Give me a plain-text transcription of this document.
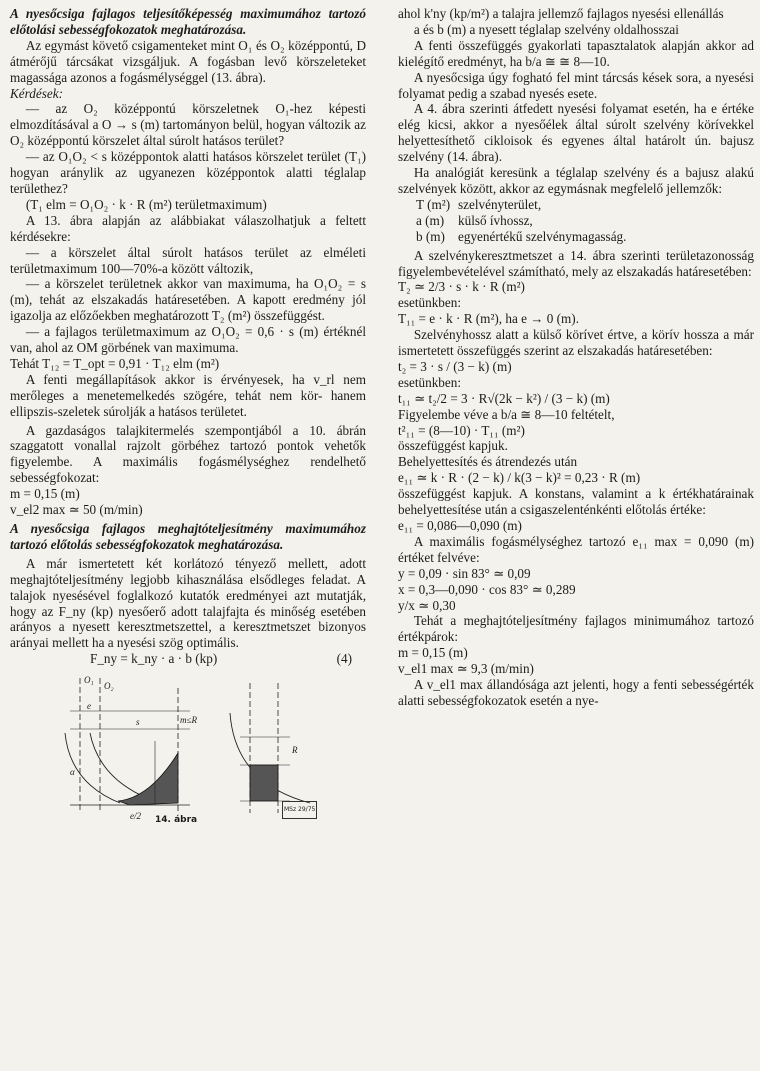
A nyesőcsiga fajlagos teljesítőképesség maximumához tartozó előtolási sebességfokozatok meghatározása.

Az egymást követő csigamenteket mint O₁ és O₂ középpontú, D átmérőjű tárcsákat vizsgáljuk. A fogásban levő körszeleteket magassága azonos a fogásmélységgel (13. ábra).

Kérdések:

— az O₂ középpontú körszeletnek O₁-hez képesti elmozdításával a O → s (m) tartományon belül, hogyan változik az O₂ középpontú körszelet által súrolt hatásos terület?

— az O₁O₂ < s középpontok alatti hatásos körszelet terület (T₁) hogyan aránylik az ugyanezen középpontok alatti téglalap területhez?

(T₁ elm = O₁O₂ · k · R (m²) területmaximum)

A 13. ábra alapján az alábbiakat válaszolhatjuk a feltett kérdésekre:

— a körszelet által súrolt hatásos terület az elméleti területmaximum 100—70%-a között változik,

— a körszelet területnek akkor van maximuma, ha O₁O₂ = s (m), tehát az elszakadás határesetében. A kapott eredmény jól igazolja az előzőekben meghatározott T₂ (m²) összefüggést.

— a fajlagos területmaximum az O₁O₂ = 0,6 · s (m) értéknél van, ahol az OM görbének van maximuma.

Tehát T₁₂ = T_opt = 0,91 · T₁₂ elm (m²)

A fenti megállapítások akkor is érvényesek, ha v_rl nem merőleges a menetemelkedés szögére, tehát nem kör- hanem ellipszis-szeletek súrolják a hatásos területet.

A gazdaságos talajkitermelés szempontjából a 10. ábrán szaggatott vonallal rajzolt görbéhez tartozó pontok vehetők figyelembe. A maximális fogásmélységhez rendelhető sebességfokozat:

m = 0,15 (m)

v_el2 max ≃ 50 (m/min)

A nyesőcsiga fajlagos meghajtóteljesítmény maximumához tartozó előtolás sebességfokozatok meghatározása.

A már ismertetett két korlátozó tényező mellett, adott meghajtóteljesítmény legjobb kihasználása elsődleges feladat. A talajok nyesésével foglalkozó kutatók eredményei azt mutatják, hogy az F_ny (kp) nyesőerő adott talajfajta és minőség esetében arányos a nyesett keresztmetszettel, a keresztmetszet bizonyos arányai mellett ha a nyesési szög optimális.

F_ny = k_ny · a · b (kp)	(4)
O₁
O₂
e
s
α
R
m≤R
e/2
MSz 29/75
14. ábra

ahol k'ny (kp/m²) a talajra jellemző fajlagos nyesési ellenállás

a és b (m) a nyesett téglalap szelvény oldalhosszai

A fenti összefüggés gyakorlati tapasztalatok alapján akkor ad kielégítő eredményt, ha b/a ≅ ≅ 8—10.

A nyesőcsiga úgy fogható fel mint tárcsás kések sora, a nyesési folyamat pedig a szabad nyesés esete.

A 4. ábra szerinti átfedett nyesési folyamat esetén, ha e értéke elég kicsi, akkor a nyesőélek által súrolt szelvény körívekkel helyettesíthető cikloisok és egyenes által határolt ún. bajusz szelvény (14. ábra).

Ha analógiát keresünk a téglalap szelvény és a bajusz alakú szelvények között, akkor az egymásnak megfelelő jellemzők:

T (m²) szelvényterület,
a (m)	külső ívhossz,
b (m) egyenértékű szelvénymagasság.

A szelvénykeresztmetszet a 14. ábra szerinti területazonosság figyelembevételével számítható, mely az elszakadás határesetében:

T₂ ≃ 2/3 · s · k · R (m²)

esetünkben:

T₁₁ = e · k · R (m²), ha e → 0 (m).

Szelvényhossz alatt a külső körívet értve, a körív hossza a már ismertetett összefüggés szerint az elszakadás határesetében:

t₂ = 3 · s / (3 − k) (m)

esetünkben:

t₁₁ ≃ t₂/2 = 3 · R√(2k − k²) / (3 − k) (m)

Figyelembe véve a b/a ≅ 8—10 feltételt,

t²₁₁ = (8—10) · T₁₁ (m²)

összefüggést kapjuk.

Behelyettesítés és átrendezés után

e₁₁ ≃ k · R · (2 − k) / k(3 − k)² = 0,23 · R (m)

összefüggést kapjuk. A konstans, valamint a k értékhatárainak behelyettesítése után a csigaszelenténkénti előtolás értéke:

e₁₁ = 0,086—0,090 (m)

A maximális fogásmélységhez tartozó e₁₁ max = 0,090 (m) értéket felvéve:

y = 0,09 · sin 83° ≃ 0,09

x = 0,3—0,090 · cos 83° ≃ 0,289

y/x ≃ 0,30

Tehát a meghajtóteljesítmény fajlagos minimumához tartozó értékpárok:

m = 0,15 (m)

v_el1 max ≃ 9,3 (m/min)

A v_el1 max állandósága azt jelenti, hogy a fenti sebességérték alatti sebességfokozatok esetén a nye-
